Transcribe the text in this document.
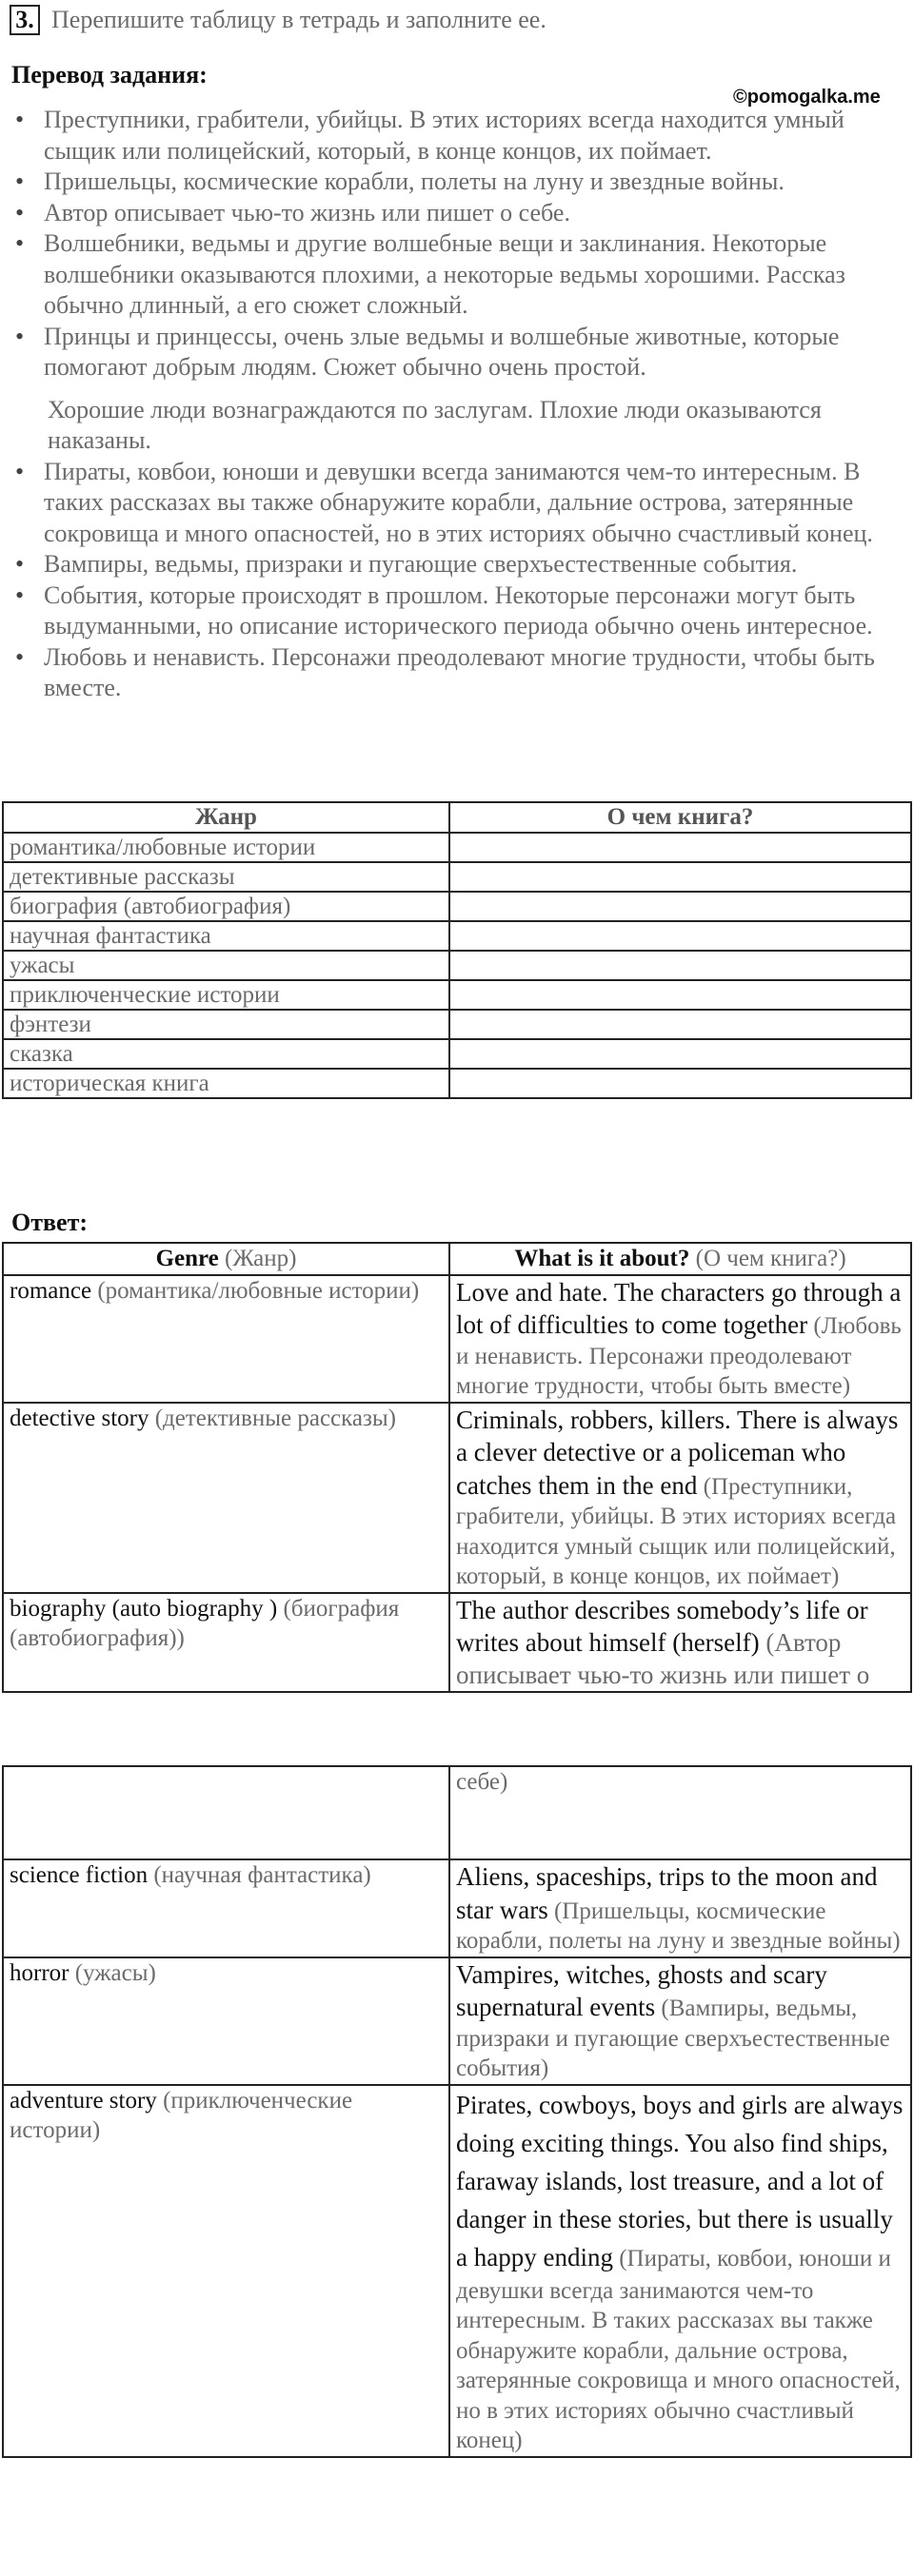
3. Перепишите таблицу в тетрадь и заполните ее.
Перевод задания:
©pomogalka.me
• Преступники, грабители, убийцы. В этих историях всегда находится умный сыщик или полицейский, который, в конце концов, их поймает.
• Пришельцы, космические корабли, полеты на луну и звездные войны.
• Автор описывает чью-то жизнь или пишет о себе.
• Волшебники, ведьмы и другие волшебные вещи и заклинания. Некоторые волшебники оказываются плохими, а некоторые ведьмы хорошими. Рассказ обычно длинный, а его сюжет сложный.
• Принцы и принцессы, очень злые ведьмы и волшебные животные, которые помогают добрым людям. Сюжет обычно очень простой.
Хорошие люди вознаграждаются по заслугам. Плохие люди оказываются наказаны.
• Пираты, ковбои, юноши и девушки всегда занимаются чем-то интересным. В таких рассказах вы также обнаружите корабли, дальние острова, затерянные сокровища и много опасностей, но в этих историях обычно счастливый конец.
• Вампиры, ведьмы, призраки и пугающие сверхъестественные события.
• События, которые происходят в прошлом. Некоторые персонажи могут быть выдуманными, но описание исторического периода обычно очень интересное.
• Любовь и ненависть. Персонажи преодолевают многие трудности, чтобы быть вместе.
Жанр	О чем книга?
романтика/любовные истории	
детективные рассказы	
биография (автобиография)	
научная фантастика	
ужасы	
приключенческие истории	
фэнтези	
сказка	
историческая книга	
Ответ:
Genre (Жанр)	What is it about? (О чем книга?)
romance (романтика/любовные истории)	Love and hate. The characters go through a lot of difficulties to come together (Любовь и ненависть. Персонажи преодолевают многие трудности, чтобы быть вместе)
detective story (детективные рассказы)	Criminals, robbers, killers. There is always a clever detective or a policeman who catches them in the end (Преступники, грабители, убийцы. В этих историях всегда находится умный сыщик или полицейский, который, в конце концов, их поймает)
biography (auto biography ) (биография (автобиография))	The author describes somebody’s life or writes about himself (herself) (Автор описывает чью-то жизнь или пишет о
	себе)
science fiction (научная фантастика)	Aliens, spaceships, trips to the moon and star wars (Пришельцы, космические корабли, полеты на луну и звездные войны)
horror (ужасы)	Vampires, witches, ghosts and scary supernatural events (Вампиры, ведьмы, призраки и пугающие сверхъестественные события)
adventure story (приключенческие истории)	Pirates, cowboys, boys and girls are always doing exciting things. You also find ships, faraway islands, lost treasure, and a lot of danger in these stories, but there is usually a happy ending (Пираты, ковбои, юноши и девушки всегда занимаются чем-то интересным. В таких рассказах вы также обнаружите корабли, дальние острова, затерянные сокровища и много опасностей, но в этих историях обычно счастливый конец)
